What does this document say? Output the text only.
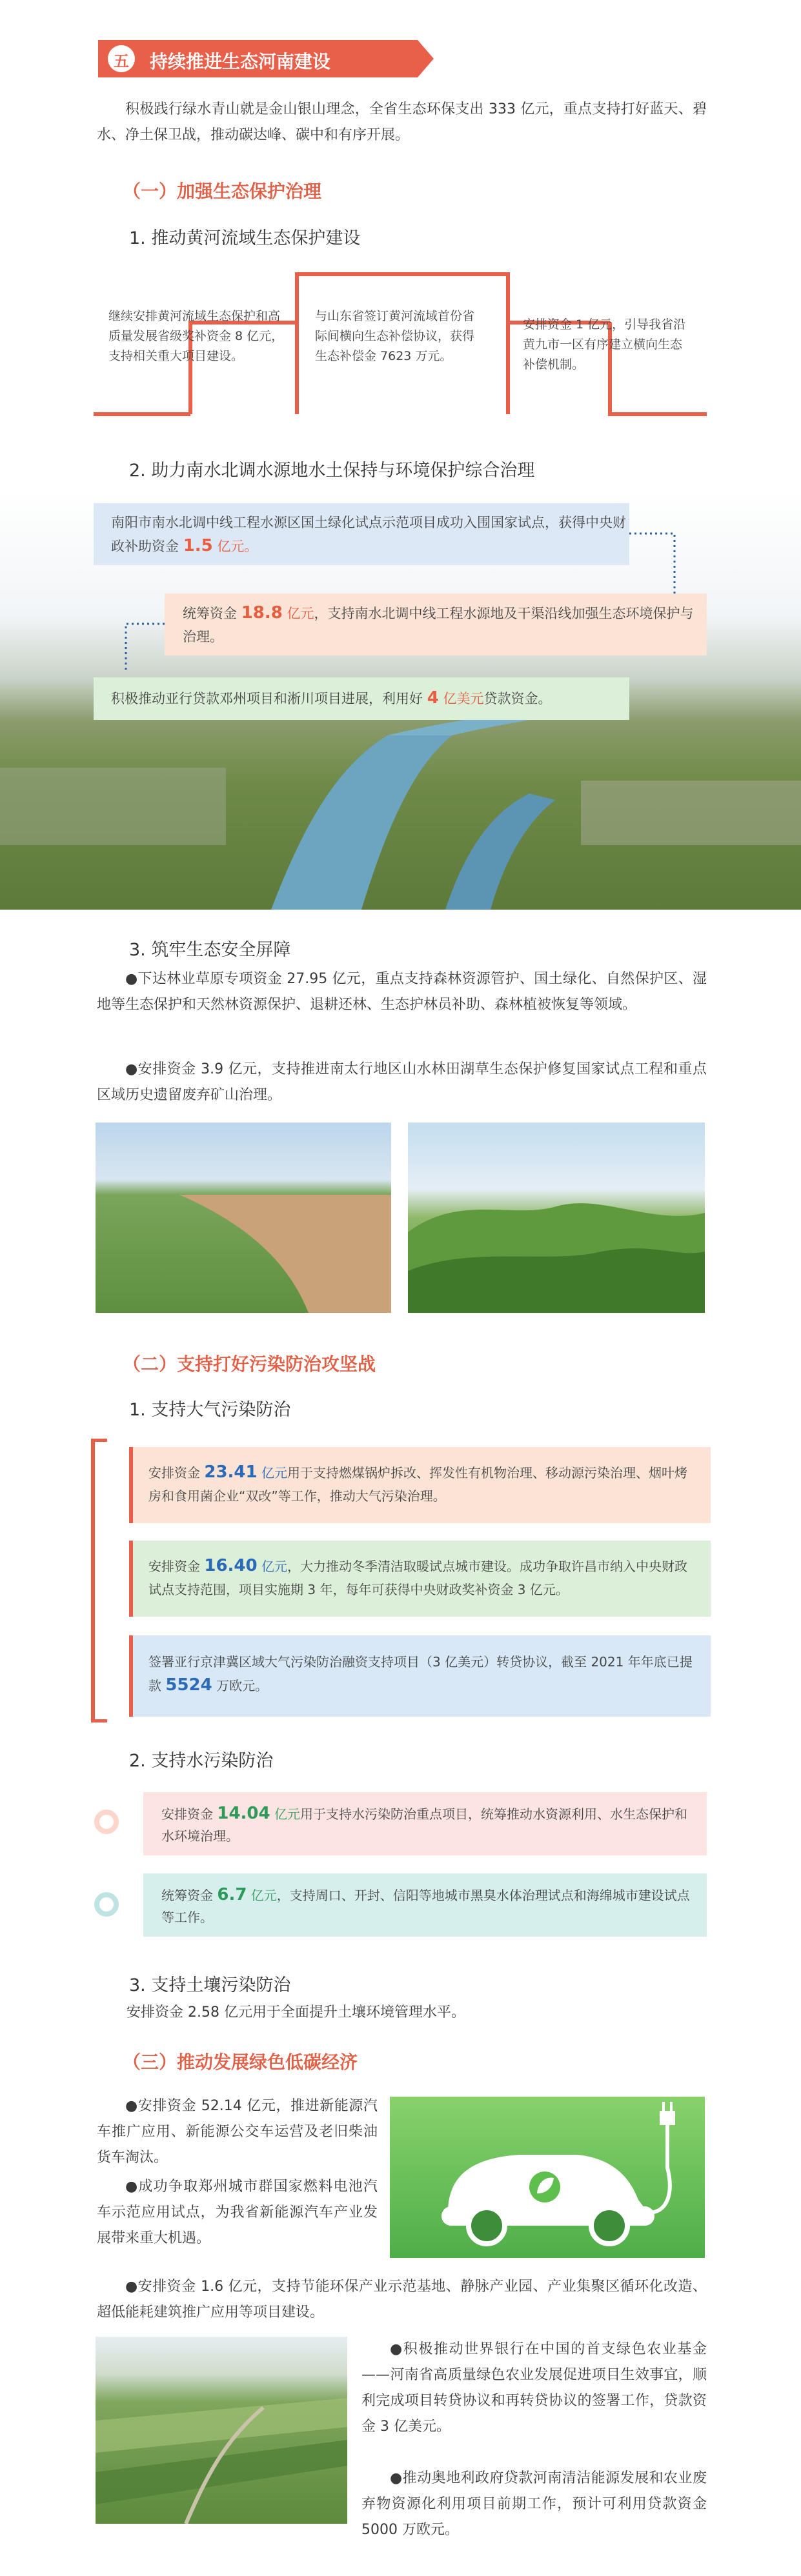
五	持续推进生态河南建设
积极践行绿水青山就是金山银山理念，全省生态环保支出 333 亿元，重点支持打好蓝天、碧水、净土保卫战，推动碳达峰、碳中和有序开展。
（一）加强生态保护治理
1. 推动黄河流域生态保护建设
继续安排黄河流域生态保护和高质量发展省级奖补资金 8 亿元，支持相关重大项目建设。
与山东省签订黄河流域首份省际间横向生态补偿协议，获得生态补偿金 7623 万元。
安排资金 1 亿元，引导我省沿黄九市一区有序建立横向生态补偿机制。
2. 助力南水北调水源地水土保持与环境保护综合治理
南阳市南水北调中线工程水源区国土绿化试点示范项目成功入围国家试点，获得中央财政补助资金 1.5 亿元。
统筹资金 18.8 亿元，支持南水北调中线工程水源地及干渠沿线加强生态环境保护与治理。
积极推动亚行贷款邓州项目和淅川项目进展，利用好 4 亿美元贷款资金。
3. 筑牢生态安全屏障
●下达林业草原专项资金 27.95 亿元，重点支持森林资源管护、国土绿化、自然保护区、湿地等生态保护和天然林资源保护、退耕还林、生态护林员补助、森林植被恢复等领域。
●安排资金 3.9 亿元，支持推进南太行地区山水林田湖草生态保护修复国家试点工程和重点区域历史遗留废弃矿山治理。
（二）支持打好污染防治攻坚战
1. 支持大气污染防治
安排资金 23.41 亿元用于支持燃煤锅炉拆改、挥发性有机物治理、移动源污染治理、烟叶烤房和食用菌企业“双改”等工作，推动大气污染治理。
安排资金 16.40 亿元，大力推动冬季清洁取暖试点城市建设。成功争取许昌市纳入中央财政试点支持范围，项目实施期 3 年，每年可获得中央财政奖补资金 3 亿元。
签署亚行京津冀区域大气污染防治融资支持项目（3 亿美元）转贷协议，截至 2021 年年底已提款 5524 万欧元。
2. 支持水污染防治
安排资金 14.04 亿元用于支持水污染防治重点项目，统筹推动水资源利用、水生态保护和水环境治理。
统筹资金 6.7 亿元，支持周口、开封、信阳等地城市黑臭水体治理试点和海绵城市建设试点等工作。
3. 支持土壤污染防治
安排资金 2.58 亿元用于全面提升土壤环境管理水平。
（三）推动发展绿色低碳经济
●安排资金 52.14 亿元，推进新能源汽车推广应用、新能源公交车运营及老旧柴油货车淘汰。
●成功争取郑州城市群国家燃料电池汽车示范应用试点，为我省新能源汽车产业发展带来重大机遇。
●安排资金 1.6 亿元，支持节能环保产业示范基地、静脉产业园、产业集聚区循环化改造、超低能耗建筑推广应用等项目建设。
●积极推动世界银行在中国的首支绿色农业基金——河南省高质量绿色农业发展促进项目生效事宜，顺利完成项目转贷协议和再转贷协议的签署工作，贷款资金 3 亿美元。
●推动奥地利政府贷款河南清洁能源发展和农业废弃物资源化利用项目前期工作，预计可利用贷款资金 5000 万欧元。
